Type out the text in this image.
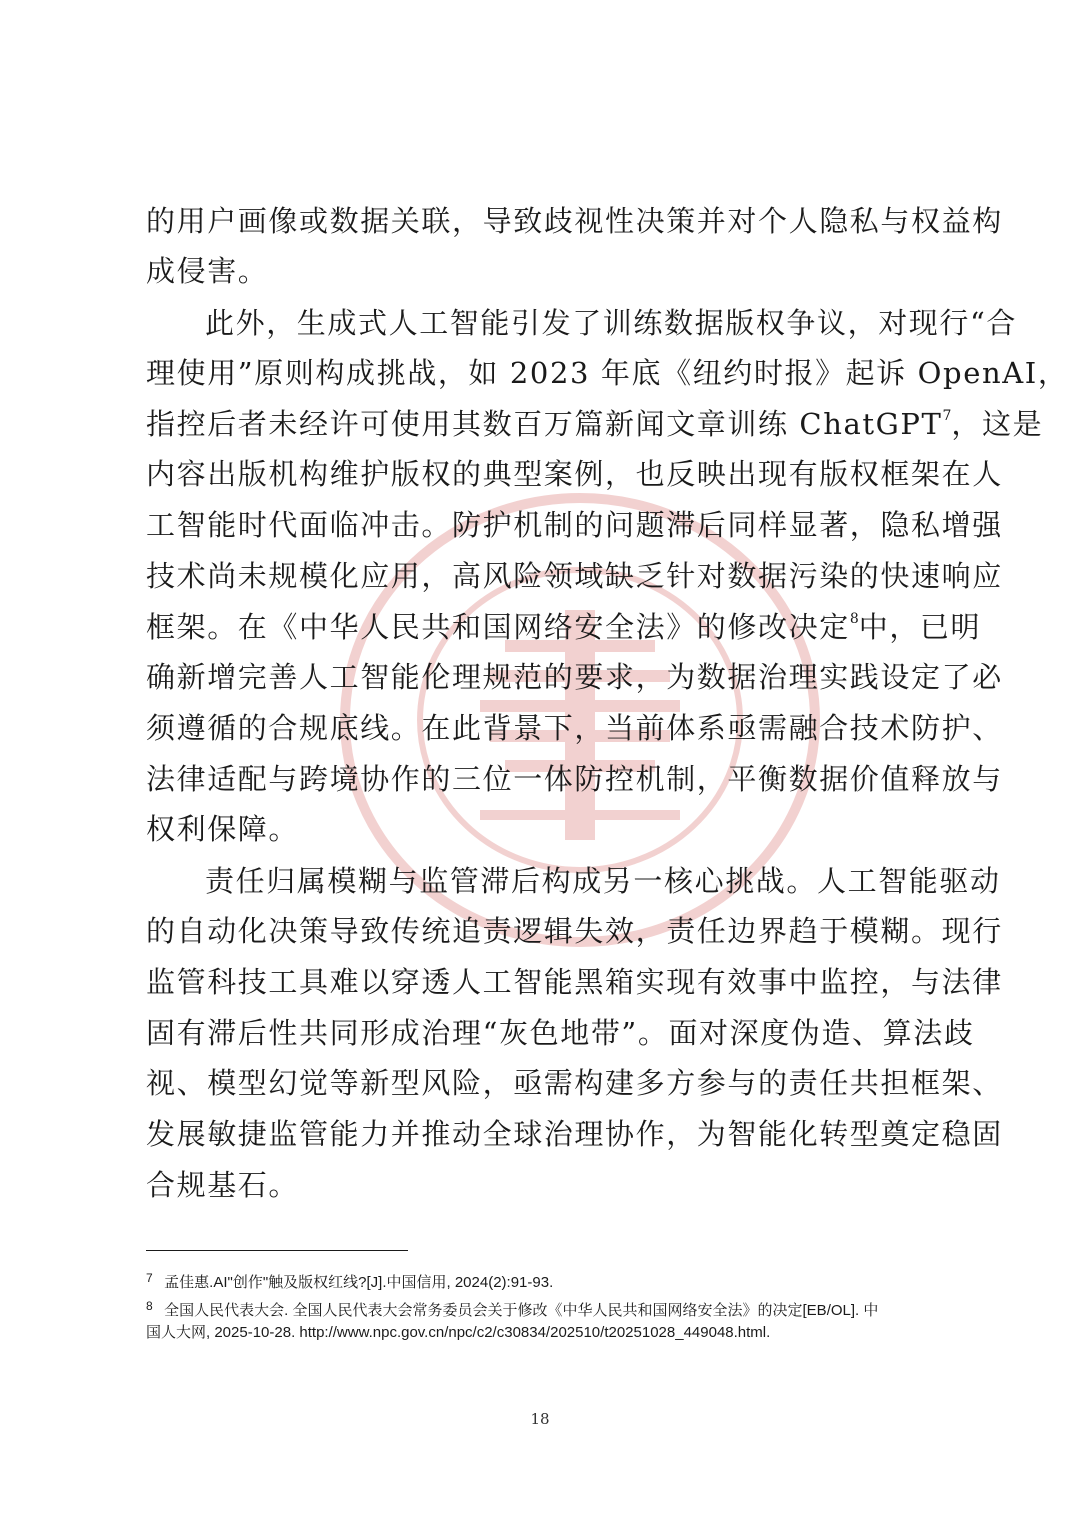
的用户画像或数据关联，导致歧视性决策并对个人隐私与权益构
成侵害。
此外，生成式人工智能引发了训练数据版权争议，对现行“合
理使用”原则构成挑战，如 2023 年底《纽约时报》起诉 OpenAI，
指控后者未经许可使用其数百万篇新闻文章训练 ChatGPT$^7$，这是
内容出版机构维护版权的典型案例，也反映出现有版权框架在人
工智能时代面临冲击。防护机制的问题滞后同样显著，隐私增强
技术尚未规模化应用，高风险领域缺乏针对数据污染的快速响应
框架。在《中华人民共和国网络安全法》的修改决定$^8$中，已明
确新增完善人工智能伦理规范的要求，为数据治理实践设定了必
须遵循的合规底线。在此背景下，当前体系亟需融合技术防护、
法律适配与跨境协作的三位一体防控机制，平衡数据价值释放与
权利保障。
责任归属模糊与监管滞后构成另一核心挑战。人工智能驱动
的自动化决策导致传统追责逻辑失效，责任边界趋于模糊。现行
监管科技工具难以穿透人工智能黑箱实现有效事中监控，与法律
固有滞后性共同形成治理“灰色地带”。面对深度伪造、算法歧
视、模型幻觉等新型风险，亟需构建多方参与的责任共担框架、
发展敏捷监管能力并推动全球治理协作，为智能化转型奠定稳固
合规基石。
7 孟佳惠.AI"创作"触及版权红线?[J].中国信用, 2024(2):91-93.
8 全国人民代表大会. 全国人民代表大会常务委员会关于修改《中华人民共和国网络安全法》的决定[EB/OL]. 中
国人大网, 2025-10-28. http://www.npc.gov.cn/npc/c2/c30834/202510/t20251028_449048.html.
18
